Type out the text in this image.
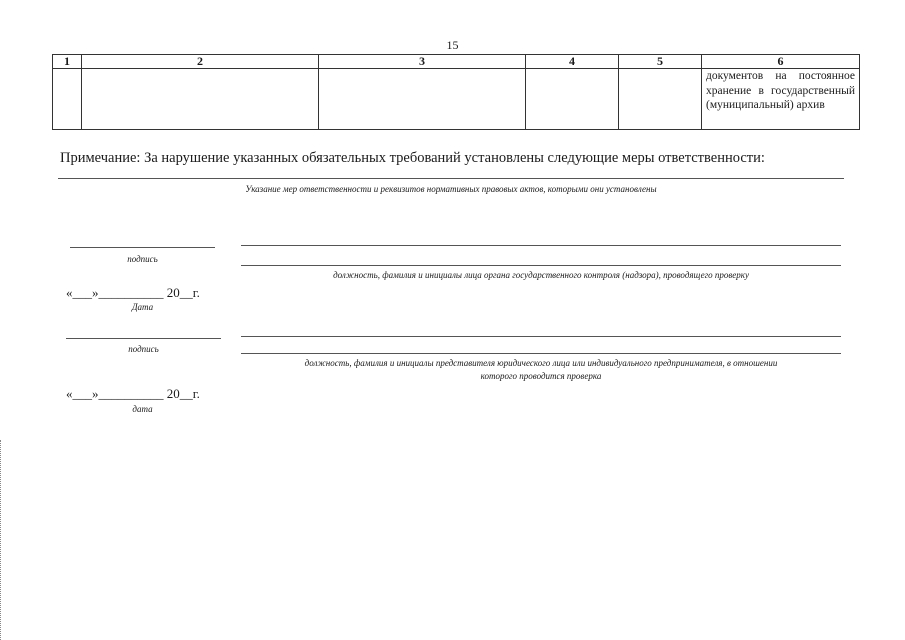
15
1	2	3	4	5	6
					документов на постоянное хранение в государственный (муниципальный) архив
Примечание: За нарушение указанных обязательных требований установлены следующие меры ответственности:
Указание мер ответственности и реквизитов нормативных правовых актов, которыми они установлены
подпись
должность, фамилия и инициалы лица органа государственного контроля (надзора), проводящего проверку
«___»__________ 20__г.
Дата
подпись
должность, фамилия и инициалы представителя юридического лица или индивидуального предпринимателя, в отношении
которого проводится проверка
«___»__________ 20__г.
дата
